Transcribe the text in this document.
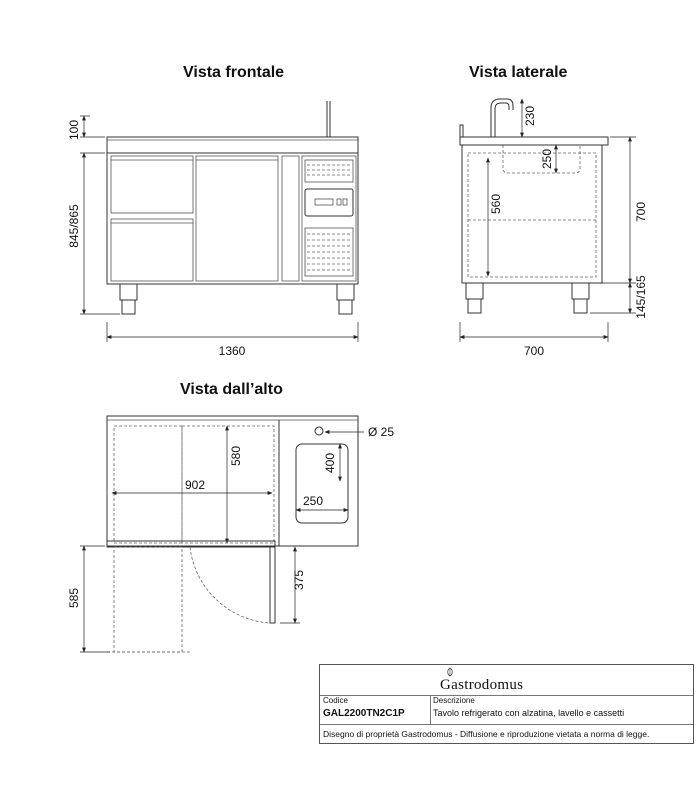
Vista frontale	Vista laterale
Vista dall’alto
100
845/865
1360
230
250
560	700
145/165
700
Ø 25
580
902
400
250
375
585
Gastrodomus
Codice
GAL2200TN2C1P
Descrizione
Tavolo refrigerato con alzatina, lavello e cassetti
Disegno di proprietà Gastrodomus - Diffusione e riproduzione vietata a norma di legge.
